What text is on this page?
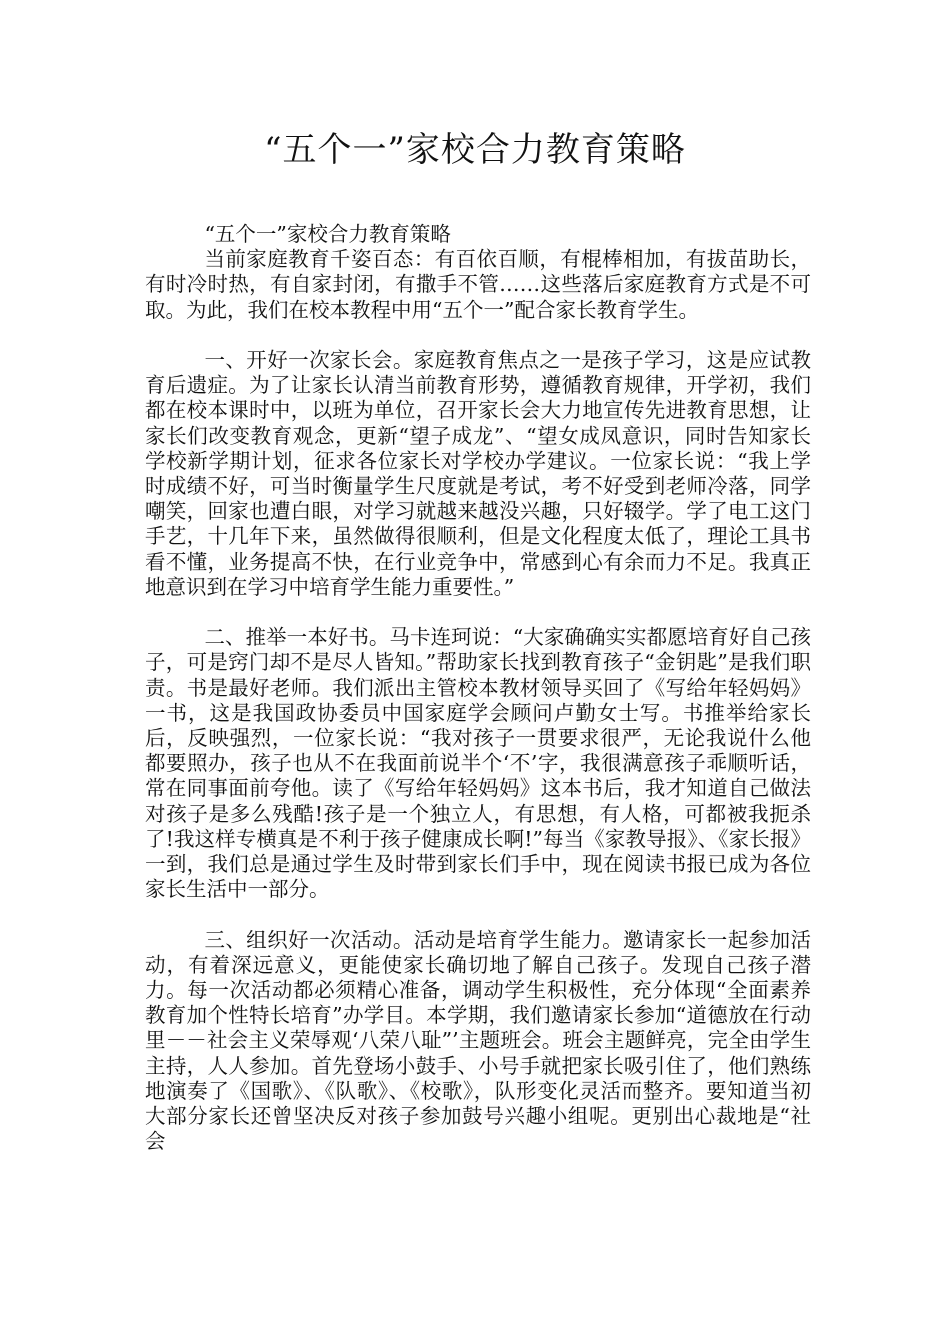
“五个一”家校合力教育策略

“五个一”家校合力教育策略

当前家庭教育千姿百态：有百依百顺，有棍棒相加，有拔苗助长，有时冷时热，有自家封闭，有撒手不管……这些落后家庭教育方式是不可取。为此，我们在校本教程中用“五个一”配合家长教育学生。

一、开好一次家长会。家庭教育焦点之一是孩子学习，这是应试教育后遗症。为了让家长认清当前教育形势，遵循教育规律，开学初，我们都在校本课时中，以班为单位，召开家长会大力地宣传先进教育思想，让家长们改变教育观念，更新“望子成龙”、“望女成凤意识，同时告知家长学校新学期计划，征求各位家长对学校办学建议。一位家长说：“我上学时成绩不好，可当时衡量学生尺度就是考试，考不好受到老师冷落，同学嘲笑，回家也遭白眼，对学习就越来越没兴趣，只好辍学。学了电工这门手艺，十几年下来，虽然做得很顺利，但是文化程度太低了，理论工具书看不懂，业务提高不快，在行业竞争中，常感到心有余而力不足。我真正地意识到在学习中培育学生能力重要性。”

二、推举一本好书。马卡连珂说：“大家确确实实都愿培育好自己孩子，可是窍门却不是尽人皆知。”帮助家长找到教育孩子“金钥匙”是我们职责。书是最好老师。我们派出主管校本教材领导买回了《写给年轻妈妈》一书，这是我国政协委员中国家庭学会顾问卢勤女士写。书推举给家长后，反映强烈，一位家长说：“我对孩子一贯要求很严，无论我说什么他都要照办，孩子也从不在我面前说半个‘不’字，我很满意孩子乖顺听话，常在同事面前夸他。读了《写给年轻妈妈》这本书后，我才知道自己做法对孩子是多么残酷!孩子是一个独立人，有思想，有人格，可都被我扼杀了!我这样专横真是不利于孩子健康成长啊!”每当《家教导报》、《家长报》一到，我们总是通过学生及时带到家长们手中，现在阅读书报已成为各位家长生活中一部分。

三、组织好一次活动。活动是培育学生能力。邀请家长一起参加活动，有着深远意义，更能使家长确切地了解自己孩子。发现自己孩子潜力。每一次活动都必须精心准备，调动学生积极性，充分体现“全面素养教育加个性特长培育”办学目。本学期，我们邀请家长参加“道德放在行动里－－社会主义荣辱观‘八荣八耻”’主题班会。班会主题鲜亮，完全由学生主持，人人参加。首先登场小鼓手、小号手就把家长吸引住了，他们熟练地演奏了《国歌》、《队歌》、《校歌》，队形变化灵活而整齐。要知道当初大部分家长还曾坚决反对孩子参加鼓号兴趣小组呢。更别出心裁地是“社会
